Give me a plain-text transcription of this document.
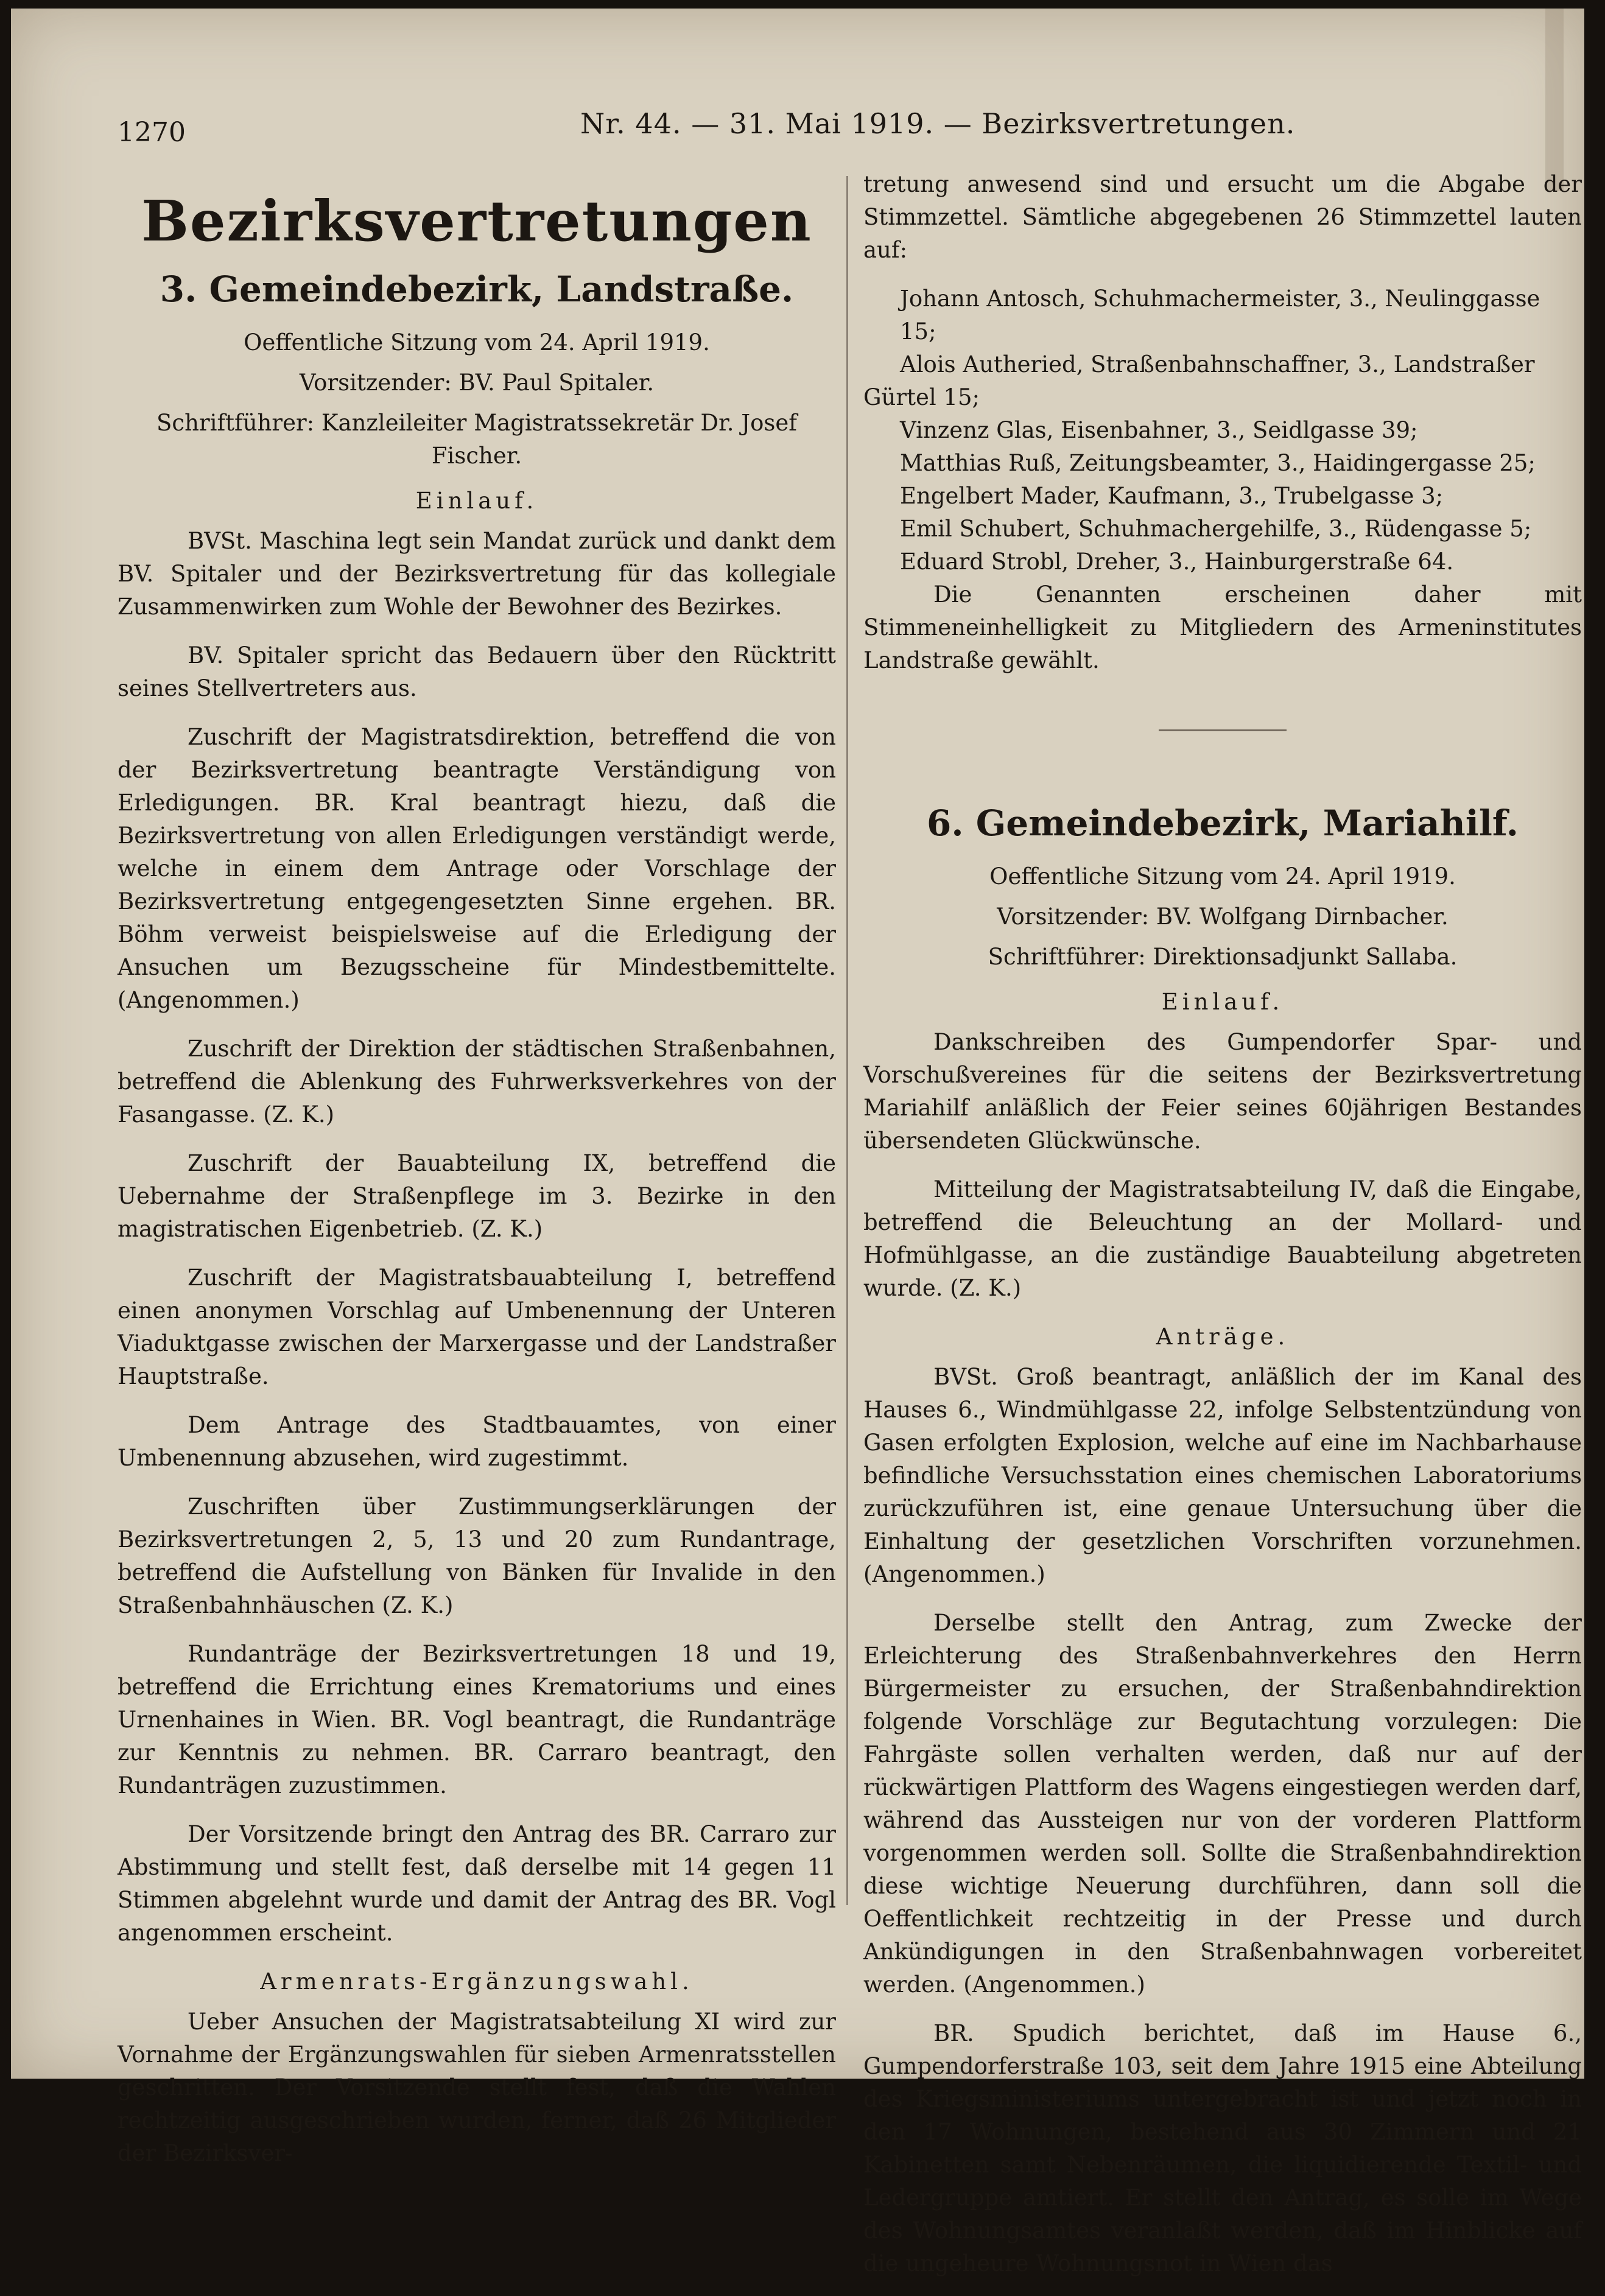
1270	Nr. 44. — 31. Mai 1919. — Bezirksvertretungen.
Bezirksvertretungen
3. Gemeindebezirk, Landstraße.
Oeffentliche Sitzung vom 24. April 1919.
Vorsitzender: BV. Paul Spitaler.
Schriftführer: Kanzleileiter Magistratssekretär Dr. Josef Fischer.
Einlauf.

BVSt. Maschina legt sein Mandat zurück und dankt dem BV. Spitaler und der Bezirksvertretung für das kollegiale Zusammenwirken zum Wohle der Bewohner des Bezirkes.

BV. Spitaler spricht das Bedauern über den Rücktritt seines Stellvertreters aus.

Zuschrift der Magistratsdirektion, betreffend die von der Bezirksvertretung beantragte Verständigung von Erledigungen. BR. Kral beantragt hiezu, daß die Bezirksvertretung von allen Erledigungen verständigt werde, welche in einem dem Antrage oder Vorschlage der Bezirksvertretung entgegengesetzten Sinne ergehen. BR. Böhm verweist beispielsweise auf die Erledigung der Ansuchen um Bezugsscheine für Mindestbemittelte. (Angenommen.)

Zuschrift der Direktion der städtischen Straßenbahnen, betreffend die Ablenkung des Fuhrwerksverkehres von der Fasangasse. (Z. K.)

Zuschrift der Bauabteilung IX, betreffend die Uebernahme der Straßenpflege im 3. Bezirke in den magistratischen Eigenbetrieb. (Z. K.)

Zuschrift der Magistratsbauabteilung I, betreffend einen anonymen Vorschlag auf Umbenennung der Unteren Viaduktgasse zwischen der Marxergasse und der Landstraßer Hauptstraße.

Dem Antrage des Stadtbauamtes, von einer Umbenennung abzusehen, wird zugestimmt.

Zuschriften über Zustimmungserklärungen der Bezirksvertretungen 2, 5, 13 und 20 zum Rundantrage, betreffend die Aufstellung von Bänken für Invalide in den Straßenbahnhäuschen (Z. K.)

Rundanträge der Bezirksvertretungen 18 und 19, betreffend die Errichtung eines Krematoriums und eines Urnenhaines in Wien. BR. Vogl beantragt, die Rundanträge zur Kenntnis zu nehmen. BR. Carraro beantragt, den Rundanträgen zuzustimmen.

Der Vorsitzende bringt den Antrag des BR. Carraro zur Abstimmung und stellt fest, daß derselbe mit 14 gegen 11 Stimmen abgelehnt wurde und damit der Antrag des BR. Vogl angenommen erscheint.

Armenrats-Ergänzungswahl.

Ueber Ansuchen der Magistratsabteilung XI wird zur Vornahme der Ergänzungswahlen für sieben Armenratsstellen geschritten. Der Vorsitzende stellt fest, daß die Wahlen rechtzeitig ausgeschrieben wurden, ferner, daß 26 Mitglieder der Bezirksver-

tretung anwesend sind und ersucht um die Abgabe der Stimmzettel. Sämtliche abgegebenen 26 Stimmzettel lauten auf:

Johann Antosch, Schuhmachermeister, 3., Neulinggasse 15;
Alois Autheried, Straßenbahnschaffner, 3., Landstraßer
Gürtel 15;
Vinzenz Glas, Eisenbahner, 3., Seidlgasse 39;
Matthias Ruß, Zeitungsbeamter, 3., Haidingergasse 25;
Engelbert Mader, Kaufmann, 3., Trubelgasse 3;
Emil Schubert, Schuhmachergehilfe, 3., Rüdengasse 5;
Eduard Strobl, Dreher, 3., Hainburgerstraße 64.

Die Genannten erscheinen daher mit Stimmeneinhelligkeit zu Mitgliedern des Armeninstitutes Landstraße gewählt.

6. Gemeindebezirk, Mariahilf.
Oeffentliche Sitzung vom 24. April 1919.
Vorsitzender: BV. Wolfgang Dirnbacher.
Schriftführer: Direktionsadjunkt Sallaba.
Einlauf.

Dankschreiben des Gumpendorfer Spar- und Vorschußvereines für die seitens der Bezirksvertretung Mariahilf anläßlich der Feier seines 60jährigen Bestandes übersendeten Glückwünsche.

Mitteilung der Magistratsabteilung IV, daß die Eingabe, betreffend die Beleuchtung an der Mollard- und Hofmühlgasse, an die zuständige Bauabteilung abgetreten wurde. (Z. K.)

Anträge.

BVSt. Groß beantragt, anläßlich der im Kanal des Hauses 6., Windmühlgasse 22, infolge Selbstentzündung von Gasen erfolgten Explosion, welche auf eine im Nachbarhause befindliche Versuchsstation eines chemischen Laboratoriums zurückzuführen ist, eine genaue Untersuchung über die Einhaltung der gesetzlichen Vorschriften vorzunehmen. (Angenommen.)

Derselbe stellt den Antrag, zum Zwecke der Erleichterung des Straßenbahnverkehres den Herrn Bürgermeister zu ersuchen, der Straßenbahndirektion folgende Vorschläge zur Begutachtung vorzulegen: Die Fahrgäste sollen verhalten werden, daß nur auf der rückwärtigen Plattform des Wagens eingestiegen werden darf, während das Aussteigen nur von der vorderen Plattform vorgenommen werden soll. Sollte die Straßenbahndirektion diese wichtige Neuerung durchführen, dann soll die Oeffentlichkeit rechtzeitig in der Presse und durch Ankündigungen in den Straßenbahnwagen vorbereitet werden. (Angenommen.)

BR. Spudich berichtet, daß im Hause 6., Gumpendorferstraße 103, seit dem Jahre 1915 eine Abteilung des Kriegsministeriums untergebracht ist und jetzt noch in den 17 Wohnungen, bestehend aus 30 Zimmern und 21 Kabinetten samt Nebenräumen, die liquidierende Textil- und Ledergruppe amtiert. Er stellt den Antrag, es solle im Wege des Wohnungsamtes veranlaßt werden, daß im Hinblicke auf die ungeheure Wohnungsnot in Wien das
